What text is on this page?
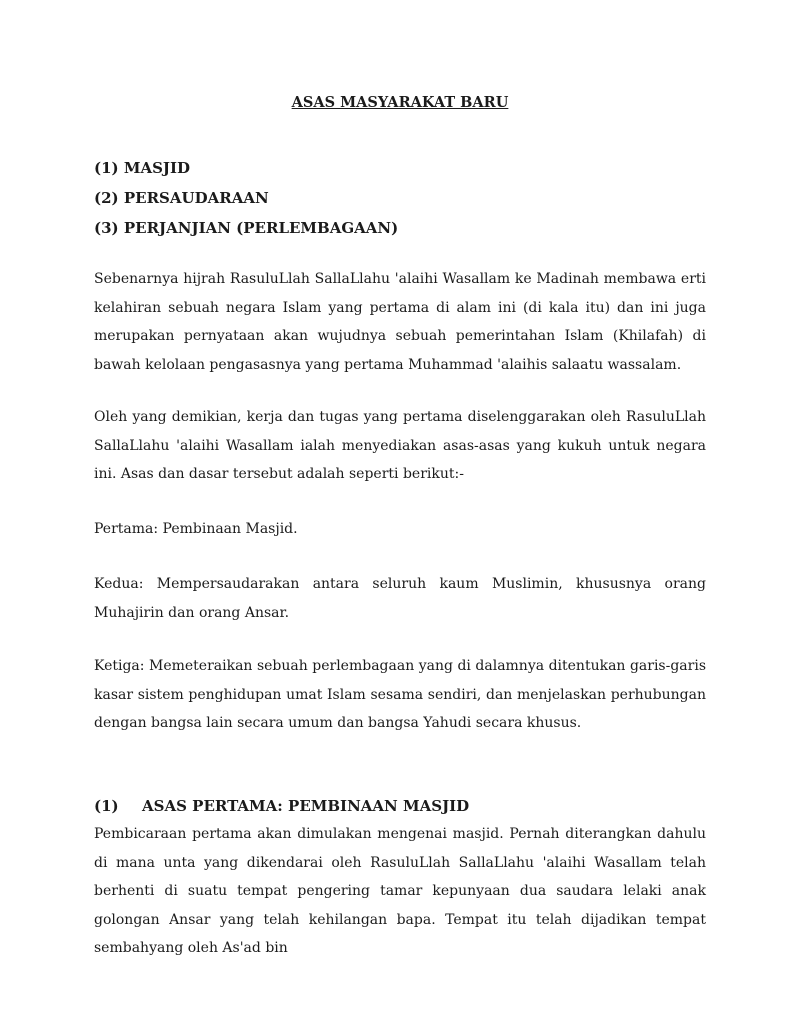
ASAS MASYARAKAT BARU
(1) MASJID
(2) PERSAUDARAAN
(3) PERJANJIAN (PERLEMBAGAAN)

Sebenarnya hijrah RasuluLlah SallaLlahu 'alaihi Wasallam ke Madinah membawa erti kelahiran sebuah negara Islam yang pertama di alam ini (di kala itu) dan ini juga merupakan pernyataan akan wujudnya sebuah pemerintahan Islam (Khilafah) di bawah kelolaan pengasasnya yang pertama Muhammad 'alaihis salaatu wassalam.

Oleh yang demikian, kerja dan tugas yang pertama diselenggarakan oleh RasuluLlah SallaLlahu 'alaihi Wasallam ialah menyediakan asas-asas yang kukuh untuk negara ini. Asas dan dasar tersebut adalah seperti berikut:-

Pertama: Pembinaan Masjid.

Kedua: Mempersaudarakan antara seluruh kaum Muslimin, khususnya orang Muhajirin dan orang Ansar.

Ketiga: Memeteraikan sebuah perlembagaan yang di dalamnya ditentukan garis-garis kasar sistem penghidupan umat Islam sesama sendiri, dan menjelaskan perhubungan dengan bangsa lain secara umum dan bangsa Yahudi secara khusus.

(1) ASAS PERTAMA: PEMBINAAN MASJID

Pembicaraan pertama akan dimulakan mengenai masjid. Pernah diterangkan dahulu di mana unta yang dikendarai oleh RasuluLlah SallaLlahu 'alaihi Wasallam telah berhenti di suatu tempat pengering tamar kepunyaan dua saudara lelaki anak golongan Ansar yang telah kehilangan bapa. Tempat itu telah dijadikan tempat sembahyang oleh As'ad bin
